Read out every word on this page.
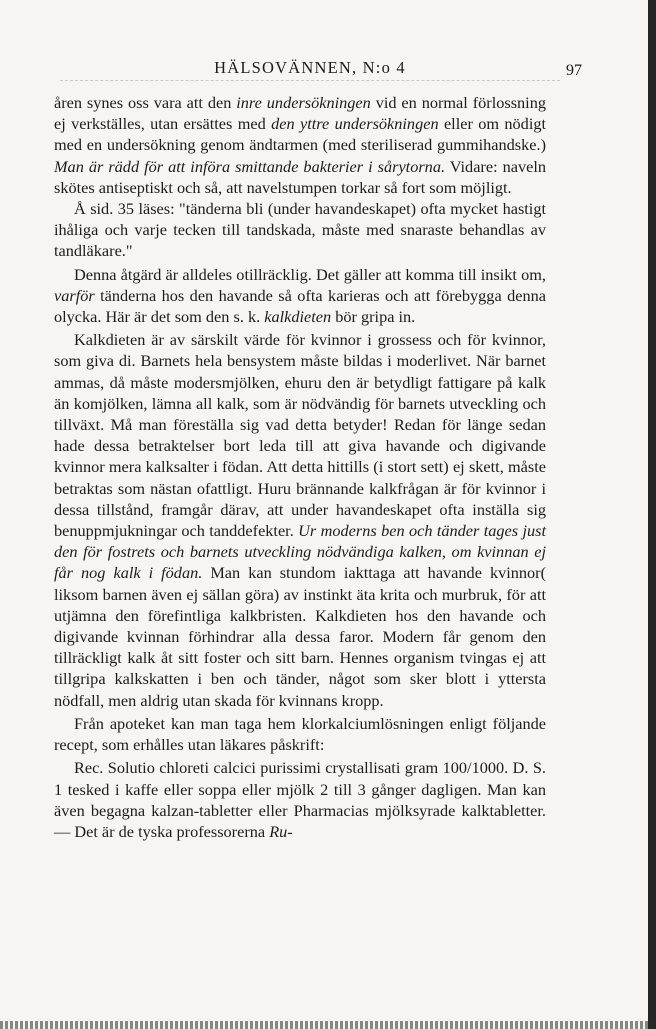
HÄLSOVÄNNEN, N:o 4	97

åren synes oss vara att den inre undersökningen vid en normal förlossning ej verkställes, utan ersättes med den yttre undersökningen eller om nödigt med en undersökning genom ändtarmen (med steriliserad gummihandske.) Man är rädd för att införa smittande bakterier i sårytorna. Vidare: naveln skötes antiseptiskt och så, att navelstumpen torkar så fort som möjligt.

Å sid. 35 läses: "tänderna bli (under havandeskapet) ofta mycket hastigt ihåliga och varje tecken till tandskada, måste med snaraste behandlas av tandläkare."

Denna åtgärd är alldeles otillräcklig. Det gäller att komma till insikt om, varför tänderna hos den havande så ofta karieras och att förebygga denna olycka. Här är det som den s. k. kalkdieten bör gripa in.

Kalkdieten är av särskilt värde för kvinnor i grossess och för kvinnor, som giva di. Barnets hela bensystem måste bildas i moderlivet. När barnet ammas, då måste modersmjölken, ehuru den är betydligt fattigare på kalk än komjölken, lämna all kalk, som är nödvändig för barnets utveckling och tillväxt. Må man föreställa sig vad detta betyder! Redan för länge sedan hade dessa betraktelser bort leda till att giva havande och digivande kvinnor mera kalksalter i födan. Att detta hittills (i stort sett) ej skett, måste betraktas som nästan ofattligt. Huru brännande kalkfrågan är för kvinnor i dessa tillstånd, framgår därav, att under havandeskapet ofta inställa sig benuppmjukningar och tanddefekter. Ur moderns ben och tänder tages just den för fostrets och barnets utveckling nödvändiga kalken, om kvinnan ej får nog kalk i födan. Man kan stundom iakttaga att havande kvinnor( liksom barnen även ej sällan göra) av instinkt äta krita och murbruk, för att utjämna den förefintliga kalkbristen. Kalkdieten hos den havande och digivande kvinnan förhindrar alla dessa faror. Modern får genom den tillräckligt kalk åt sitt foster och sitt barn. Hennes organism tvingas ej att tillgripa kalkskatten i ben och tänder, något som sker blott i yttersta nödfall, men aldrig utan skada för kvinnans kropp.

Från apoteket kan man taga hem klorkalciumlösningen enligt följande recept, som erhålles utan läkares påskrift:

Rec. Solutio chloreti calcici purissimi crystallisati gram 100/1000. D. S. 1 tesked i kaffe eller soppa eller mjölk 2 till 3 gånger dagligen. Man kan även begagna kalzan-tabletter eller Pharmacias mjölksyrade kalktabletter. — Det är de tyska professorerna Ru-
